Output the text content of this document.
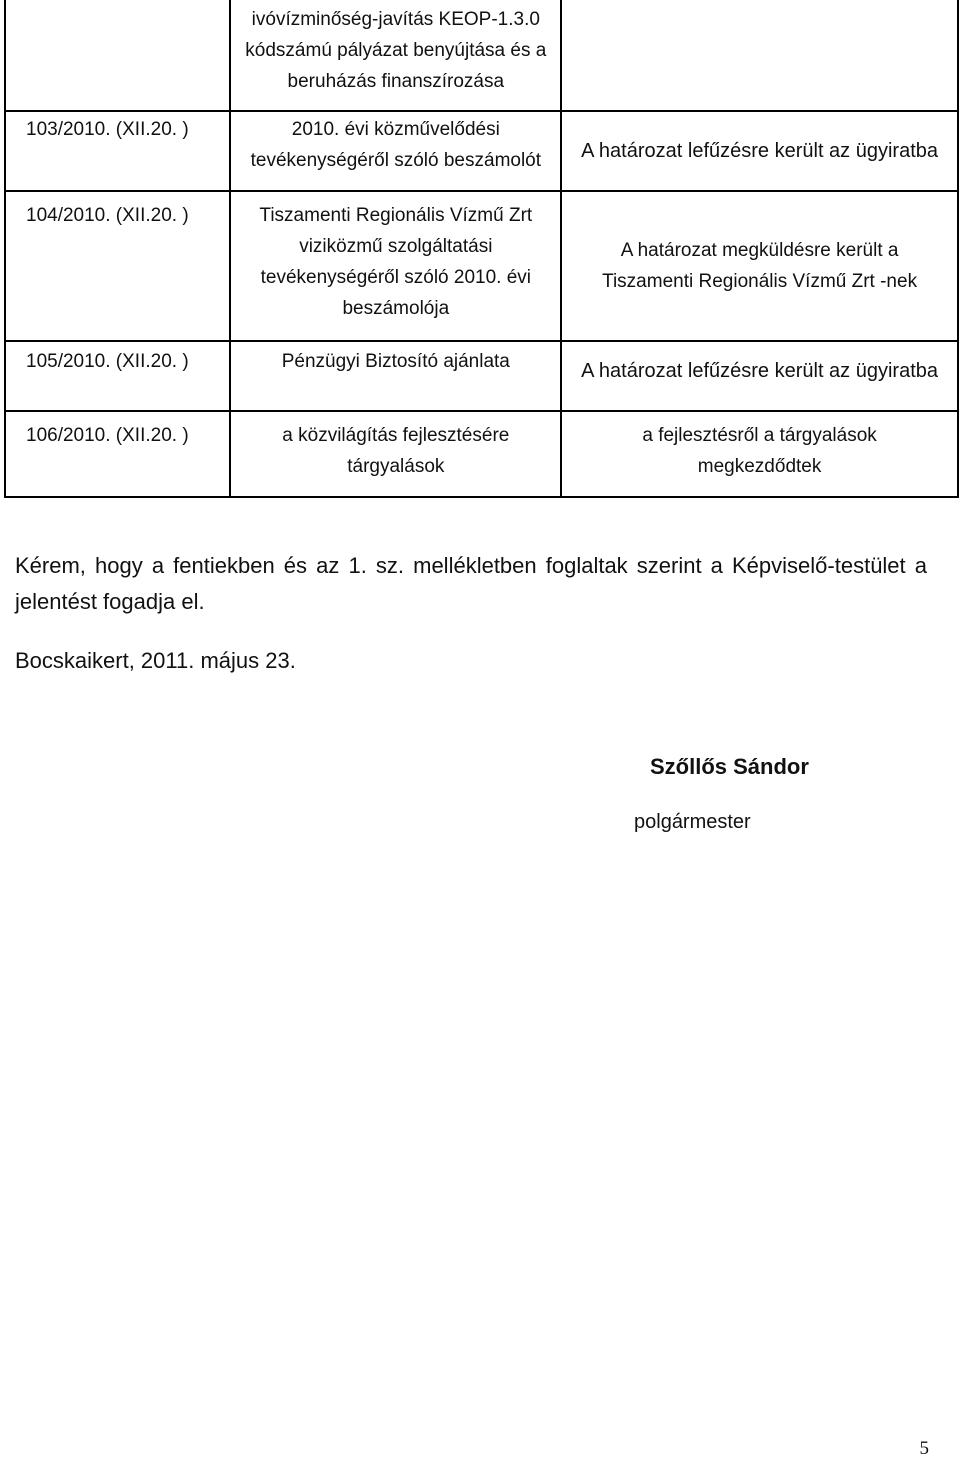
	ivóvízminőség-javítás KEOP-1.3.0 kódszámú pályázat benyújtása és a beruházás finanszírozása	
103/2010. (XII.20. )	2010. évi közművelődési tevékenységéről szóló beszámolót	A határozat lefűzésre került az ügyiratba
104/2010. (XII.20. )	Tiszamenti Regionális Vízmű Zrt viziközmű szolgáltatási tevékenységéről szóló 2010. évi beszámolója	A határozat megküldésre került a Tiszamenti Regionális Vízmű Zrt -nek
105/2010. (XII.20. )	Pénzügyi Biztosító ajánlata	A határozat lefűzésre került az ügyiratba
106/2010. (XII.20. )	a közvilágítás fejlesztésére tárgyalások	a fejlesztésről a tárgyalások megkezdődtek

Kérem, hogy a fentiekben és az 1. sz. mellékletben foglaltak szerint a Képviselő-testület a jelentést fogadja el.

Bocskaikert, 2011. május 23.

Szőllős Sándor
polgármester
5
